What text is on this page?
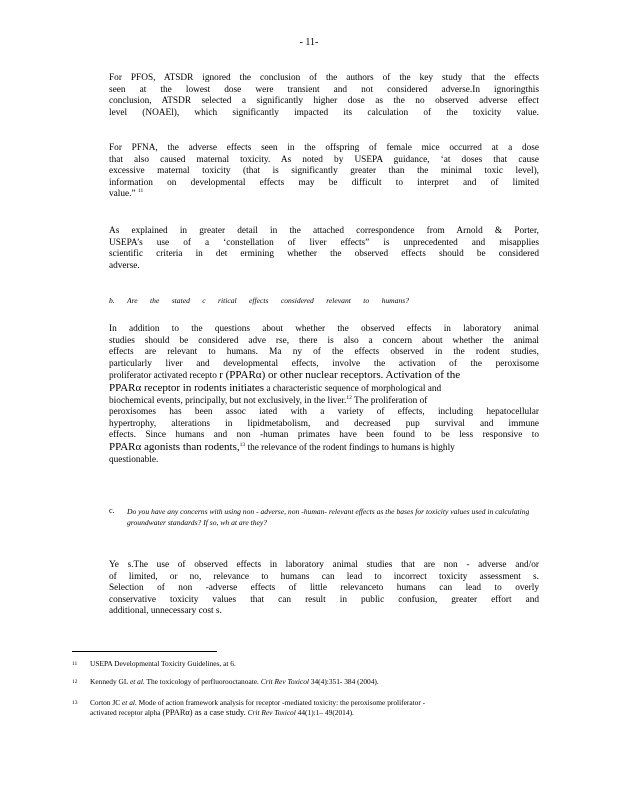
- 11-
For PFOS, ATSDR ignored the conclusion of the authors of the key study that the effects
seen at the lowest dose were transient and not considered adverse.In ignoringthis
conclusion, ATSDR selected a significantly higher dose as the no observed adverse effect
level (NOAEl), which significantly impacted its calculation of the toxicity value.
For PFNA, the adverse effects seen in the offspring of female mice occurred at a dose
that also caused maternal toxicity. As noted by USEPA guidance, ‘at doses that cause
excessive maternal toxicity (that is significantly greater than the minimal toxic level),
information on developmental effects may be difficult to interpret and of limited
value.” $^{11}$
As explained in greater detail in the attached correspondence from Arnold & Porter,
USEPA’s use of a ‘constellation of liver effects” is unprecedented and misapplies
scientific criteria in det ermining whether the observed effects should be considered
adverse.
b. Are the stated c ritical effects considered relevant to humans?
In addition to the questions about whether the observed effects in laboratory animal
studies should be considered adve rse, there is also a concern about whether the animal
effects are relevant to humans. Ma ny of the effects observed in the rodent studies,
particularly liver and developmental effects, involve the activation of the peroxisome
proliferator activated recepto r (PPARα) or other nuclear receptors. Activation of the
PPARα receptor in rodents initiates a characteristic sequence of morphological and
biochemical events, principally, but not exclusively, in the liver.$^{12}$ The proliferation of
peroxisomes has been assoc iated with a variety of effects, including hepatocellular
hypertrophy, alterations in lipidmetabolism, and decreased pup survival and immune
effects. Since humans and non -human primates have been found to be less responsive to
PPARα agonists than rodents,$^{13}$ the relevance of the rodent findings to humans is highly
questionable.
c. Do you have any concerns with using non - adverse, non -human- relevant effects as the bases for toxicity values used in calculating groundwater standards? If so, wh at are they?
Ye s.The use of observed effects in laboratory animal studies that are non - adverse and/or
of limited, or no, relevance to humans can lead to incorrect toxicity assessment s.
Selection of non -adverse effects of little relevanceto humans can lead to overly
conservative toxicity values that can result in public confusion, greater effort and
additional, unnecessary cost s.
11 USEPA Developmental Toxicity Guidelines, at 6.
12 Kennedy GL et al. The toxicology of perfluorooctanoate. Crit Rev Toxicol 34(4):351- 384 (2004).
13 Corton JC et al. Mode of action framework analysis for receptor -mediated toxicity: the peroxisome proliferator -
activated receptor alpha (PPARα) as a case study. Crit Rev Toxicol 44(1):1– 49(2014).
